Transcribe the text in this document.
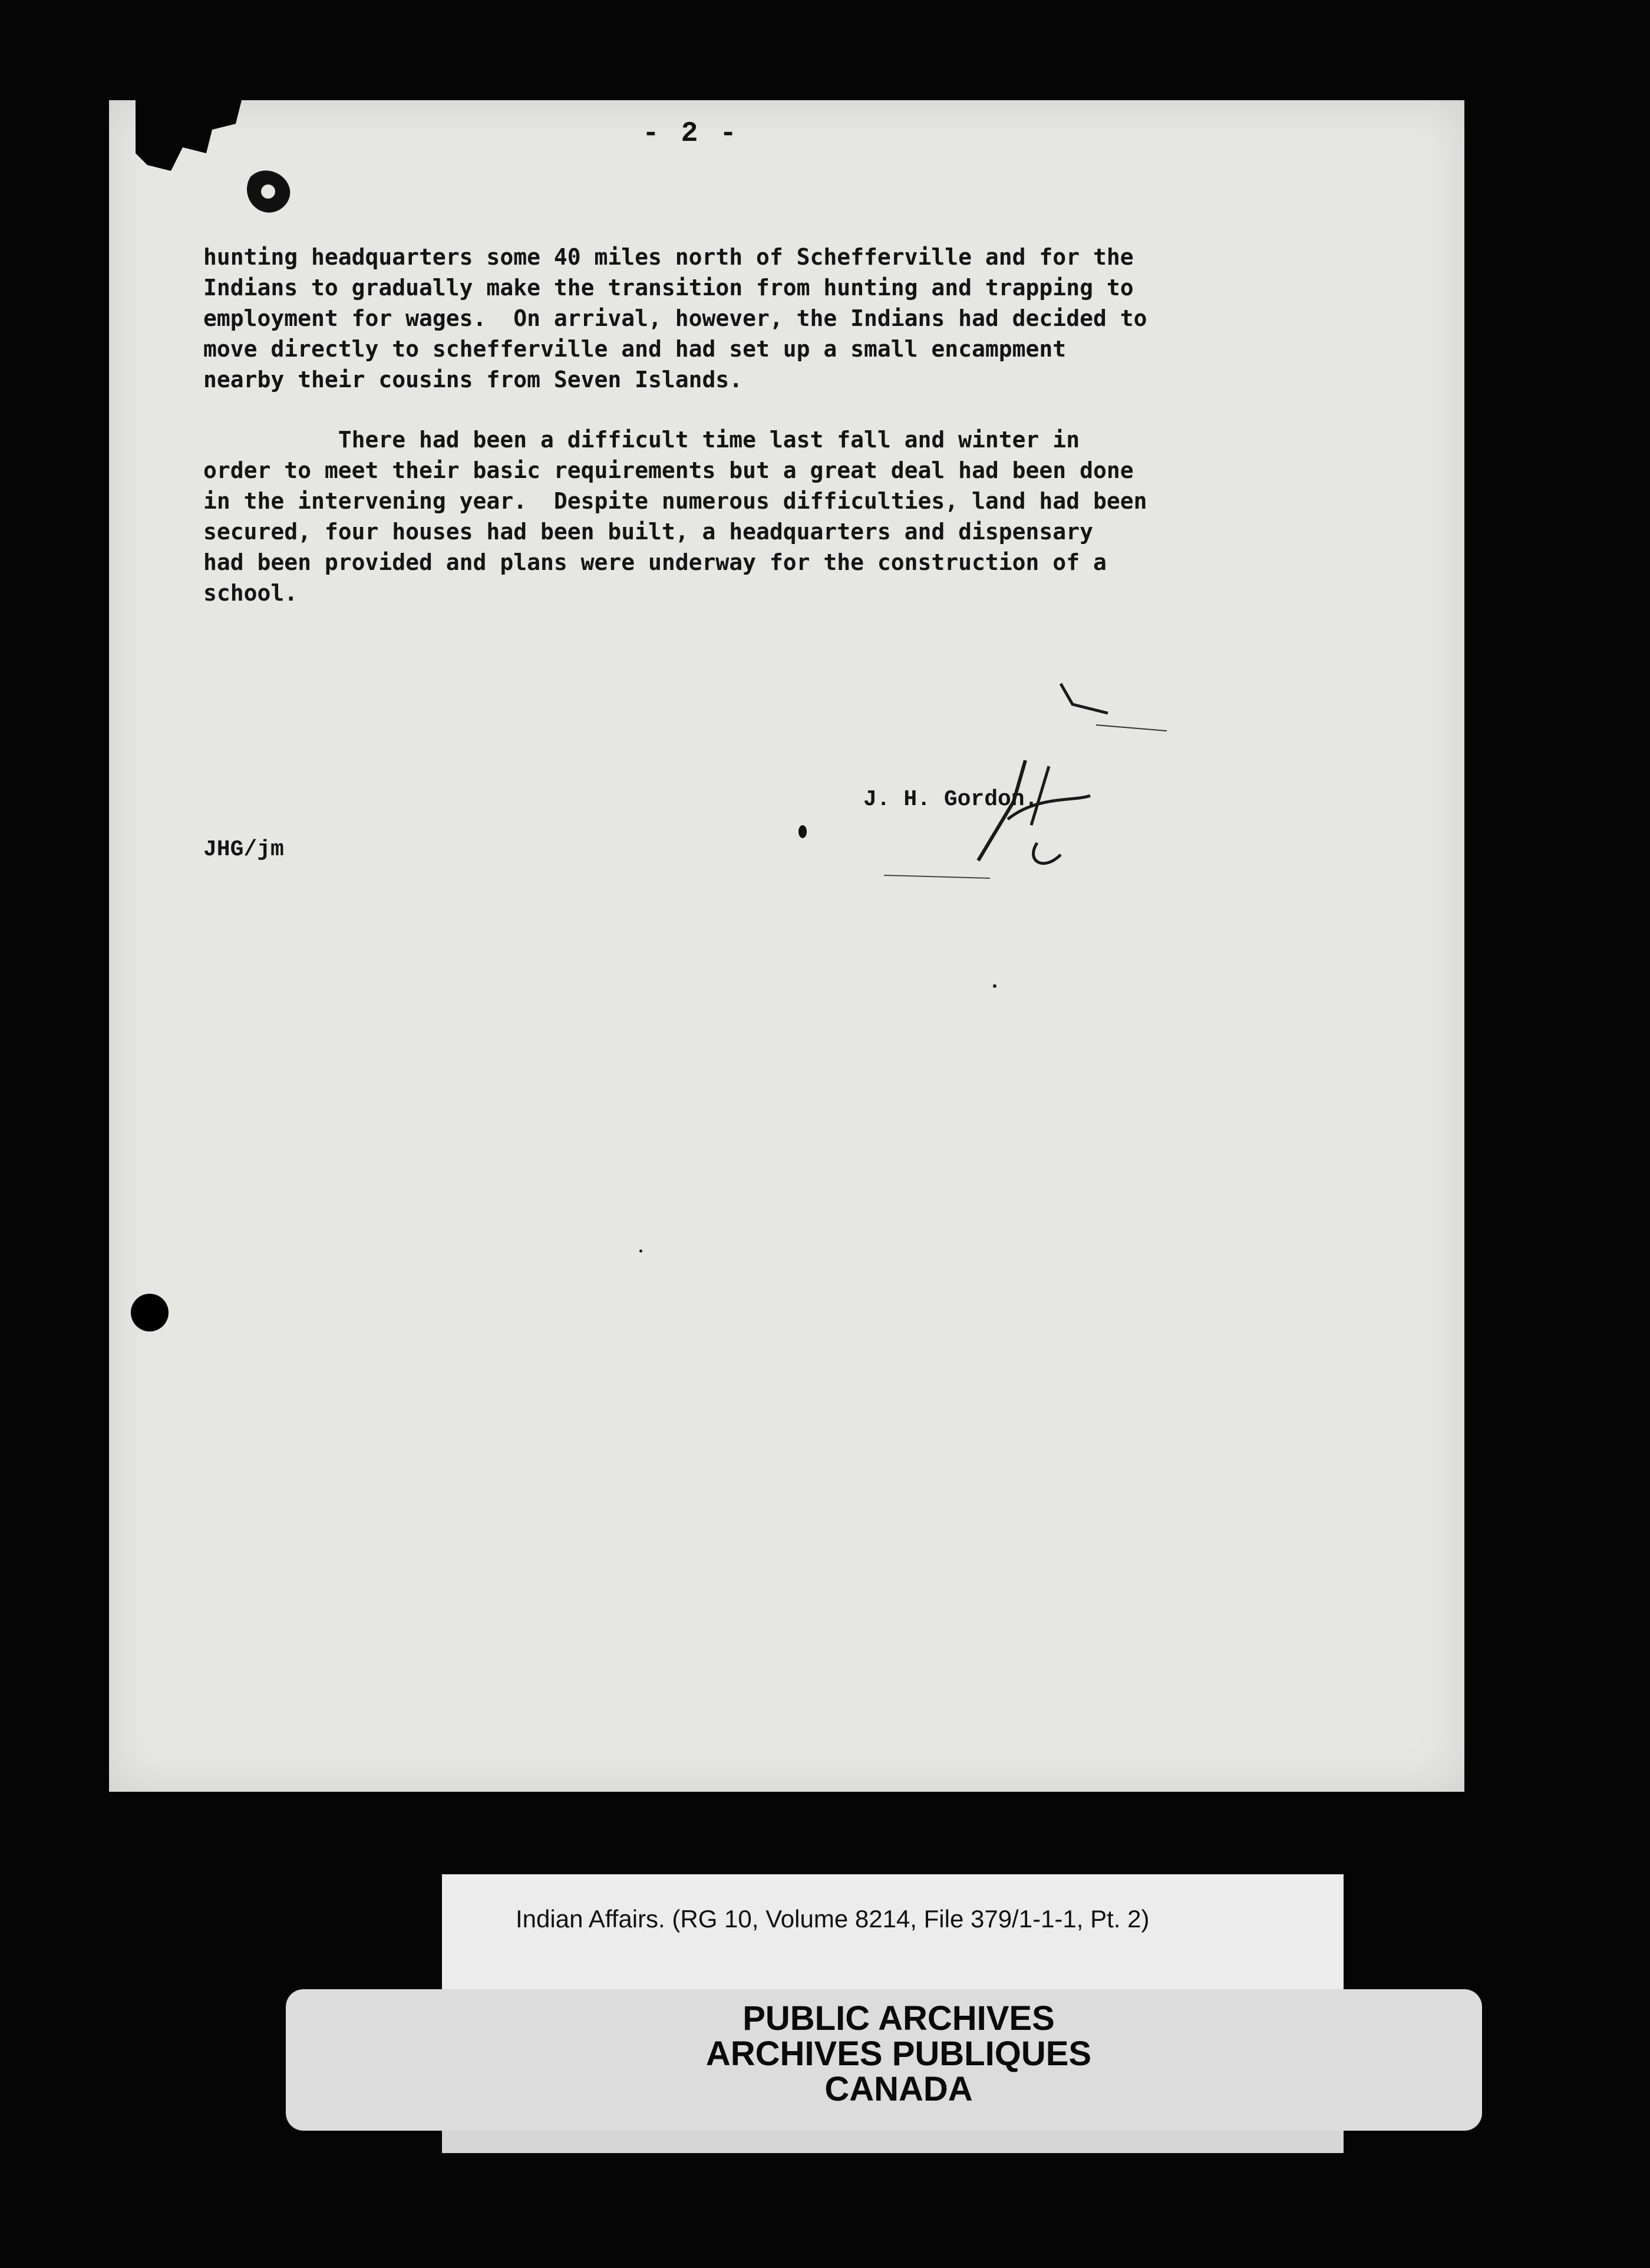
- 2 -
hunting headquarters some 40 miles north of Schefferville and for the
Indians to gradually make the transition from hunting and trapping to
employment for wages.  On arrival, however, the Indians had decided to
move directly to schefferville and had set up a small encampment
nearby their cousins from Seven Islands.
There had been a difficult time last fall and winter in
order to meet their basic requirements but a great deal had been done
in the intervening year.  Despite numerous difficulties, land had been
secured, four houses had been built, a headquarters and dispensary
had been provided and plans were underway for the construction of a
school.
J. H. Gordon.
JHG/jm
Indian Affairs. (RG 10, Volume 8214, File 379/1-1-1, Pt. 2)
PUBLIC ARCHIVES
ARCHIVES PUBLIQUES
CANADA
